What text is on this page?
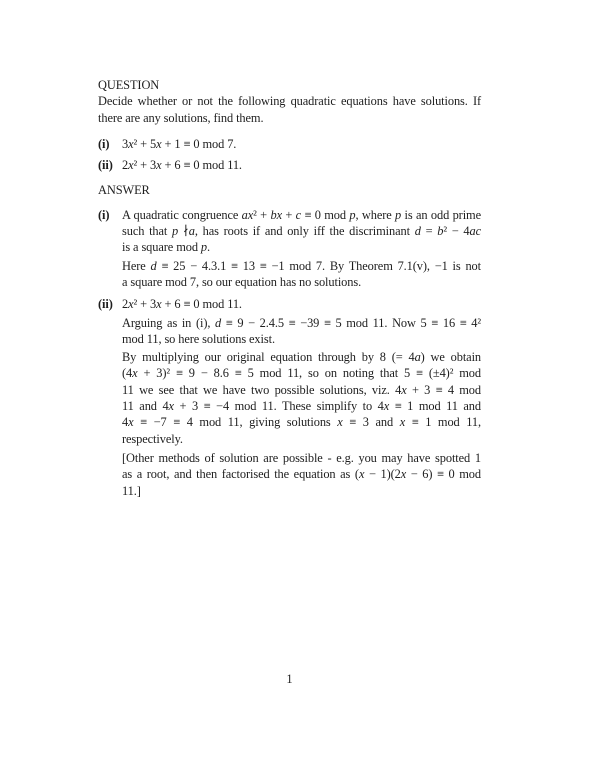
QUESTION
Decide whether or not the following quadratic equations have solutions. If
there are any solutions, find them.
(i)	3x² + 5x + 1 ≡ 0 mod 7.
(ii) 2x² + 3x + 6 ≡ 0 mod 11.
ANSWER
(i)	A quadratic congruence ax² + bx + c ≡ 0 mod p, where p is an odd prime
such that p ∤a, has roots if and only iff the discriminant d = b² − 4ac
is a square mod p.
Here d ≡ 25 − 4.3.1 ≡ 13 ≡ −1 mod 7. By Theorem 7.1(v), −1 is not
a square mod 7, so our equation has no solutions.
(ii) 2x² + 3x + 6 ≡ 0 mod 11.
Arguing as in (i), d ≡ 9 − 2.4.5 ≡ −39 ≡ 5 mod 11. Now 5 ≡ 16 ≡ 4²
mod 11, so here solutions exist.
By multiplying our original equation through by 8 (= 4a) we obtain
(4x + 3)² ≡ 9 − 8.6 ≡ 5 mod 11, so on noting that 5 ≡ (±4)² mod
11 we see that we have two possible solutions, viz. 4x + 3 ≡ 4 mod
11 and 4x + 3 ≡ −4 mod 11. These simplify to 4x ≡ 1 mod 11 and
4x ≡ −7 ≡ 4 mod 11, giving solutions x ≡ 3 and x ≡ 1 mod 11,
respectively.
[Other methods of solution are possible - e.g. you may have spotted 1
as a root, and then factorised the equation as (x − 1)(2x − 6) ≡ 0 mod
11.]
1
